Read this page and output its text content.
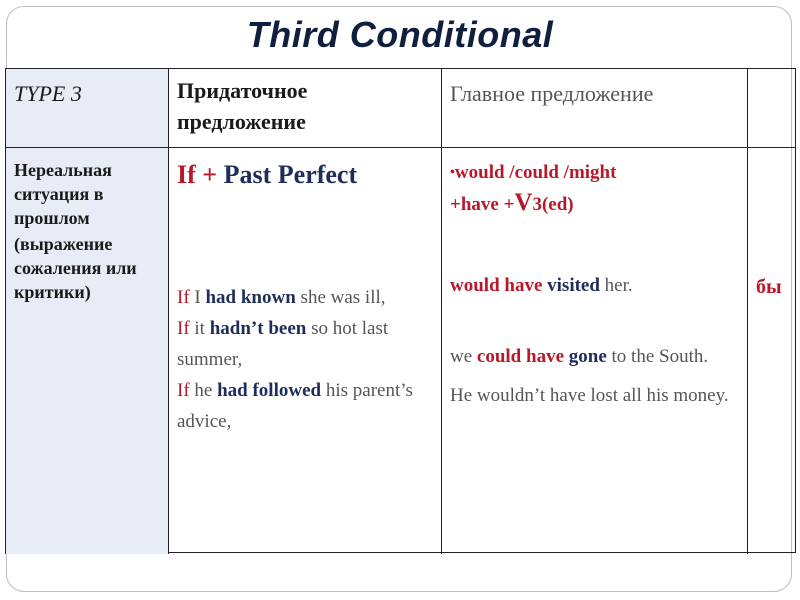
Third Conditional
TYPE 3	Придаточное предложение
Главное предложение
Нереальная ситуация в прошлом
(выражение сожаления или критики)
If + Past Perfect
If I had known she was ill,
If it hadn’t been so hot last summer,
If he had followed his parent’s advice,
•would /could /might
+have +V3(ed)
would have visited her.
we could have gone to the South.
He wouldn’t have lost all his money.
бы
